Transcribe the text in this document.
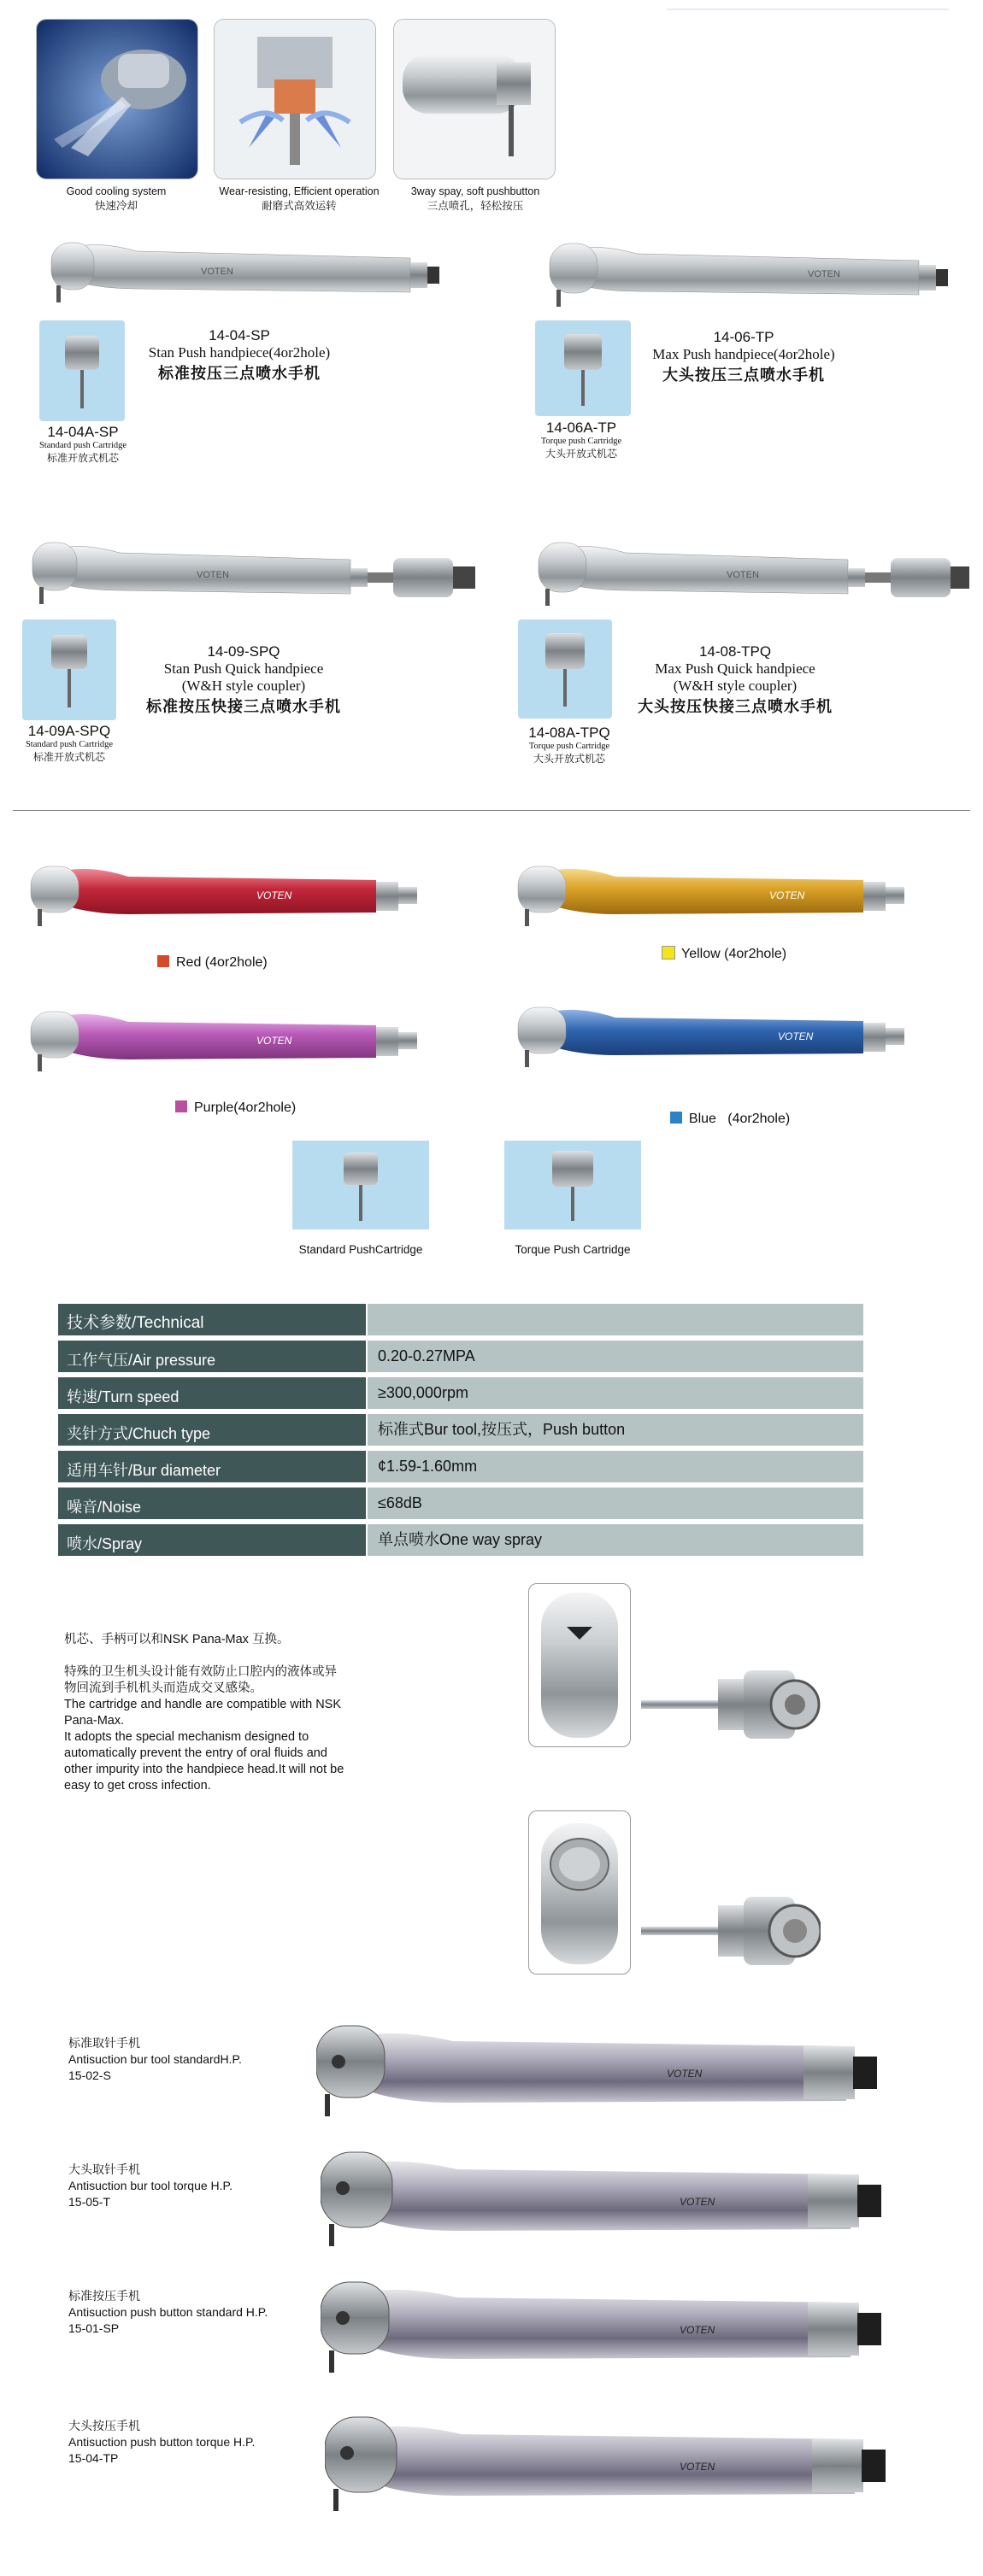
Good cooling system
快速冷却
Wear-resisting, Efficient operation
耐磨式高效运转
3way spay, soft pushbutton
三点喷孔，轻松按压
VOTEN
14-04-SP
Stan Push handpiece(4or2hole)
标准按压三点喷水手机
14-04A-SP
Standard push Cartridge
标准开放式机芯
VOTEN
14-06-TP
Max Push handpiece(4or2hole)
大头按压三点喷水手机
14-06A-TP
Torque push Cartridge
大头开放式机芯
VOTEN
14-09-SPQ
Stan Push Quick handpiece
(W&H style coupler)
标准按压快接三点喷水手机
14-09A-SPQ
Standard push Cartridge
标准开放式机芯
VOTEN
14-08-TPQ
Max Push Quick handpiece
(W&H style coupler)
大头按压快接三点喷水手机
14-08A-TPQ
Torque push Cartridge
大头开放式机芯
VOTEN	VOTEN
Red (4or2hole)
Yellow (4or2hole)
VOTEN	VOTEN
Purple(4or2hole)

Blue   (4or2hole)

Standard PushCartridge	Torque Push Cartridge
技术参数/Technical
工作气压/Air pressure	0.20-0.27MPA
转速/Turn speed	≥300,000rpm
夹针方式/Chuch type	标准式Bur tool,按压式，Push button
适用车针/Bur diameter	¢1.59-1.60mm
噪音/Noise	≤68dB
喷水/Spray	单点喷水One way spray

机芯、手柄可以和NSK Pana-Max 互换。

特殊的卫生机头设计能有效防止口腔内的液体或异物回流到手机机头而造成交叉感染。

The cartridge and handle are compatible with NSK Pana-Max.

It adopts the special mechanism designed to automatically prevent the entry of oral fluids and other impurity into the handpiece head.It will not be easy to get cross infection.

标准取针手机
Antisuction bur tool standardH.P.
15-02-S	VOTEN
大头取针手机
Antisuction bur tool torque H.P.
15-05-T	VOTEN
标准按压手机
Antisuction push button standard H.P.
15-01-SP	VOTEN
大头按压手机
Antisuction push button torque H.P.
15-04-TP
VOTEN
